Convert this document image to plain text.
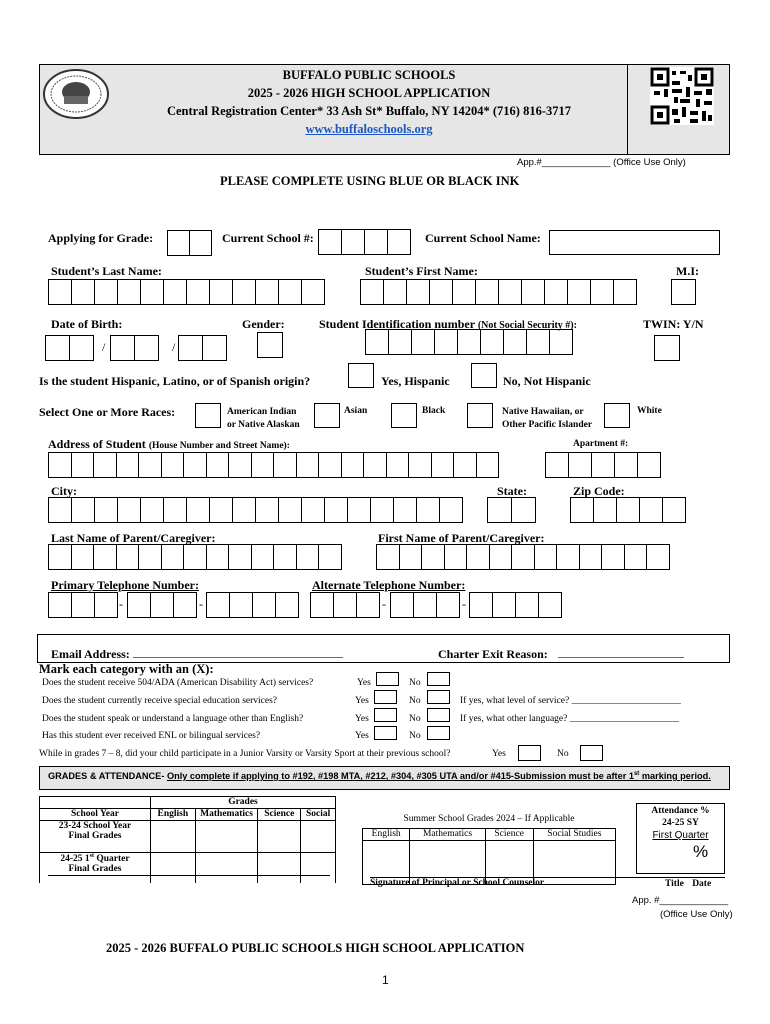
BUFFALO PUBLIC SCHOOLS
2025 - 2026 HIGH SCHOOL APPLICATION
Central Registration Center* 33 Ash St* Buffalo, NY 14204* (716) 816-3717
www.buffaloschools.org
App.#_____________ (Office Use Only)
PLEASE COMPLETE USING BLUE OR BLACK INK
Applying for Grade:	Current School #:	Current School Name:
Student’s Last Name:	Student’s First Name:	M.I:
Date of Birth:
/	/
Gender:	Student Identification number (Not Social Security #):	TWIN: Y/N
Is the student Hispanic, Latino, or of Spanish origin?	Yes, Hispanic	No, Not Hispanic
Select One or More Races:	American Indian
or Native Alaskan
Asian	Black	Native Hawaiian, or
Other Pacific Islander
White
Address of Student (House Number and Street Name):	Apartment #:
City:	State:	Zip Code:
Last Name of Parent/Caregiver:	First Name of Parent/Caregiver:
Primary Telephone Number:
-	-
Alternate Telephone Number:
-	-
Email Address: ___________________________________	Charter Exit Reason: _____________________
Mark each category with an (X):
Does the student receive 504/ADA (American Disability Act) services?	Yes	No
Does the student currently receive special education services?	Yes	No	If yes, what level of service? _______________________
Does the student speak or understand a language other than English?	Yes	No	If yes, what other language? _______________________
Has this student ever received ENL or bilingual services?	Yes	No
While in grades 7 – 8, did your child participate in a Junior Varsity or Varsity Sport at their previous school?	Yes	No
GRADES & ATTENDANCE- Only complete if applying to #192, #198 MTA, #212, #304, #305 UTA and/or #415-Submission must be after 1st marking period.
	Grades			
School Year	English	Mathematics	Science	Social
23-24 School Year Final Grades				
24-25 1st Quarter
Final Grades				
Summer School Grades 2024 – If Applicable			
English	Mathematics	Science	Social Studies

Attendance %
24-25 SY
First Quarter
%
Signature of Principal or School Counselor	Title Date
App. #_____________
(Office Use Only)
2025 - 2026 BUFFALO PUBLIC SCHOOLS HIGH SCHOOL APPLICATION
1
